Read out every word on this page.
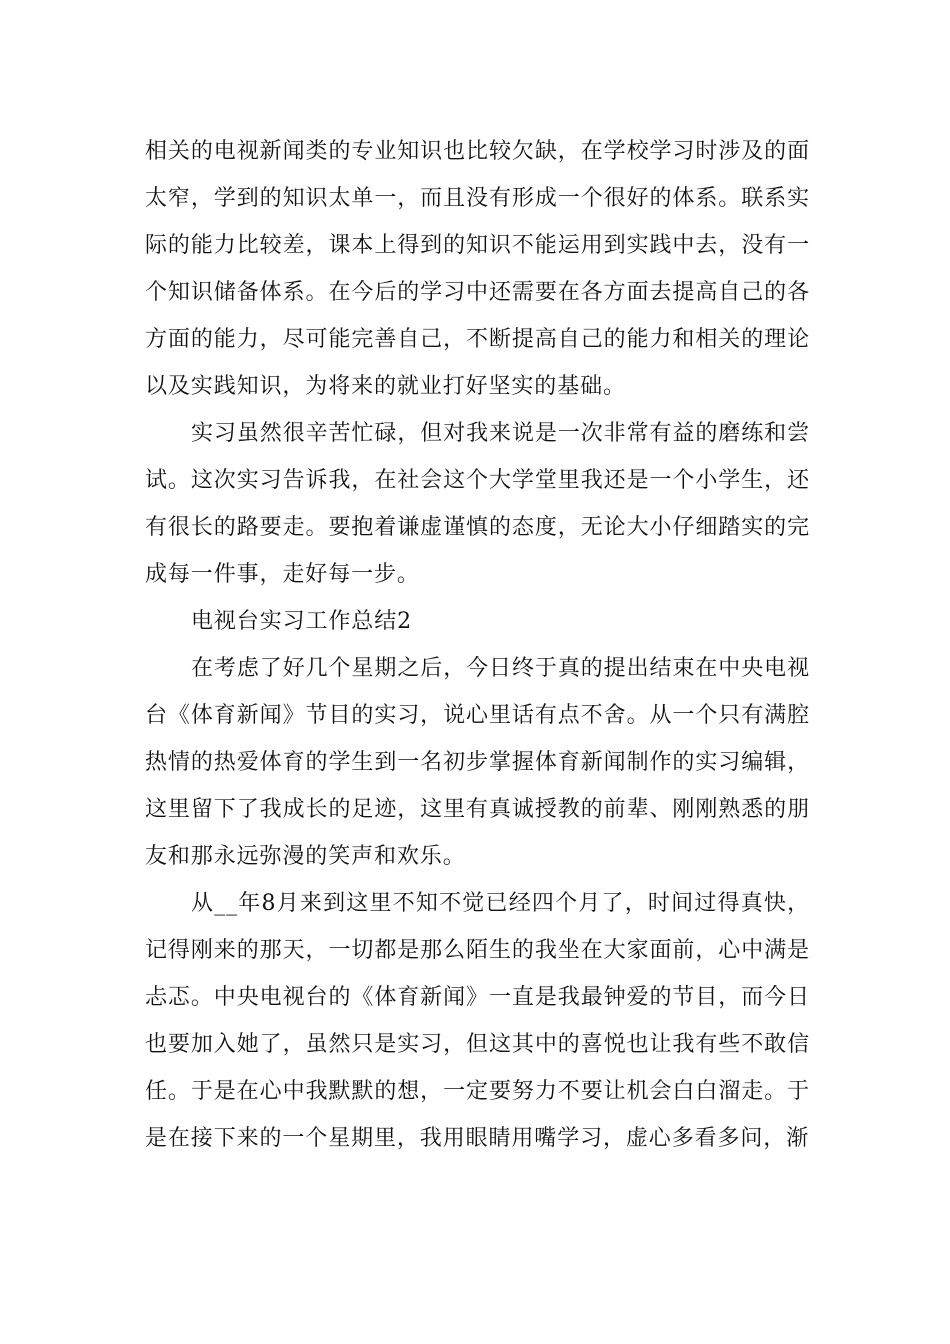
相关的电视新闻类的专业知识也比较欠缺，在学校学习时涉及的面太窄，学到的知识太单一，而且没有形成一个很好的体系。联系实际的能力比较差，课本上得到的知识不能运用到实践中去，没有一个知识储备体系。在今后的学习中还需要在各方面去提高自己的各方面的能力，尽可能完善自己，不断提高自己的能力和相关的理论以及实践知识，为将来的就业打好坚实的基础。

实习虽然很辛苦忙碌，但对我来说是一次非常有益的磨练和尝试。这次实习告诉我，在社会这个大学堂里我还是一个小学生，还有很长的路要走。要抱着谦虚谨慎的态度，无论大小仔细踏实的完成每一件事，走好每一步。

电视台实习工作总结2

在考虑了好几个星期之后，今日终于真的提出结束在中央电视台《体育新闻》节目的实习，说心里话有点不舍。从一个只有满腔热情的热爱体育的学生到一名初步掌握体育新闻制作的实习编辑，这里留下了我成长的足迹，这里有真诚授教的前辈、刚刚熟悉的朋友和那永远弥漫的笑声和欢乐。

从__年8月来到这里不知不觉已经四个月了，时间过得真快，记得刚来的那天，一切都是那么陌生的我坐在大家面前，心中满是忐忑。中央电视台的《体育新闻》一直是我最钟爱的节目，而今日也要加入她了，虽然只是实习，但这其中的喜悦也让我有些不敢信任。于是在心中我默默的想，一定要努力不要让机会白白溜走。于是在接下来的一个星期里，我用眼睛用嘴学习，虚心多看多问，渐
